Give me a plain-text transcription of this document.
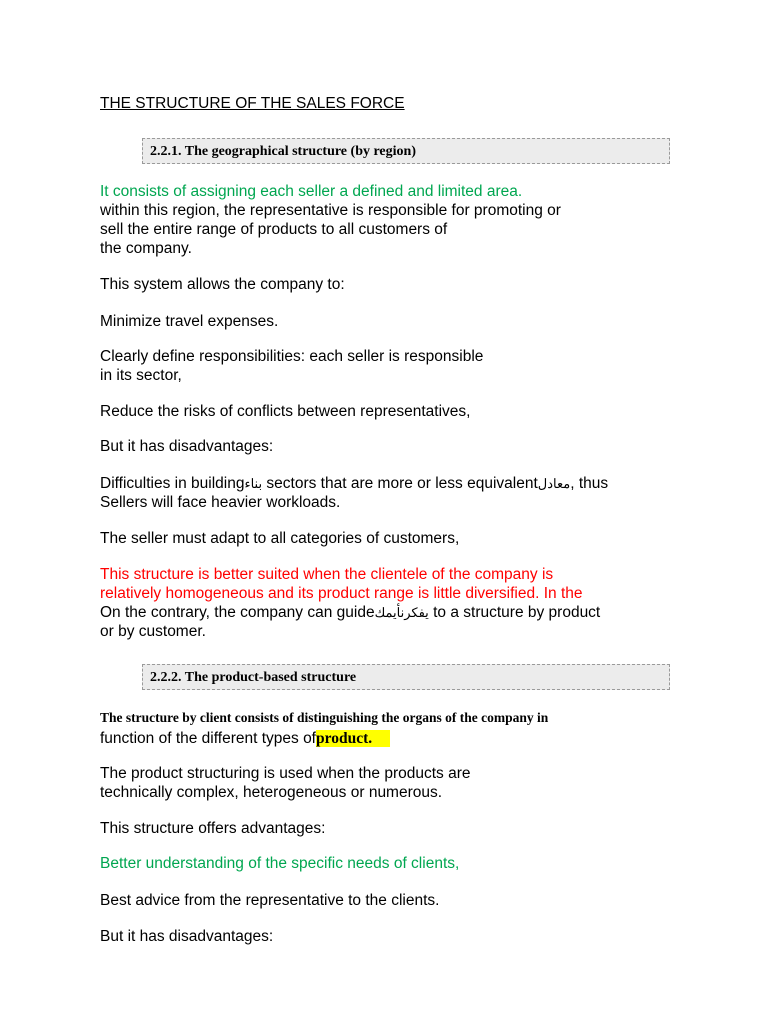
THE STRUCTURE OF THE SALES FORCE

2.2.1. The geographical structure (by region)

It consists of assigning each seller a defined and limited area.

within this region, the representative is responsible for promoting or

sell the entire range of products to all customers of

the company.

This system allows the company to:

Minimize travel expenses.

Clearly define responsibilities: each seller is responsible

in its sector,

Reduce the risks of conflicts between representatives,

But it has disadvantages:

Difficulties in buildingبناء sectors that are more or less equivalentمعادل, thus

Sellers will face heavier workloads.

The seller must adapt to all categories of customers,

This structure is better suited when the clientele of the company is

relatively homogeneous and its product range is little diversified. In the

On the contrary, the company can guideيفكرنأيمك to a structure by product

or by customer.

2.2.2. The product-based structure

The structure by client consists of distinguishing the organs of the company in

function of the different types ofproduct.

The product structuring is used when the products are

technically complex, heterogeneous or numerous.

This structure offers advantages:

Better understanding of the specific needs of clients,

Best advice from the representative to the clients.

But it has disadvantages:
